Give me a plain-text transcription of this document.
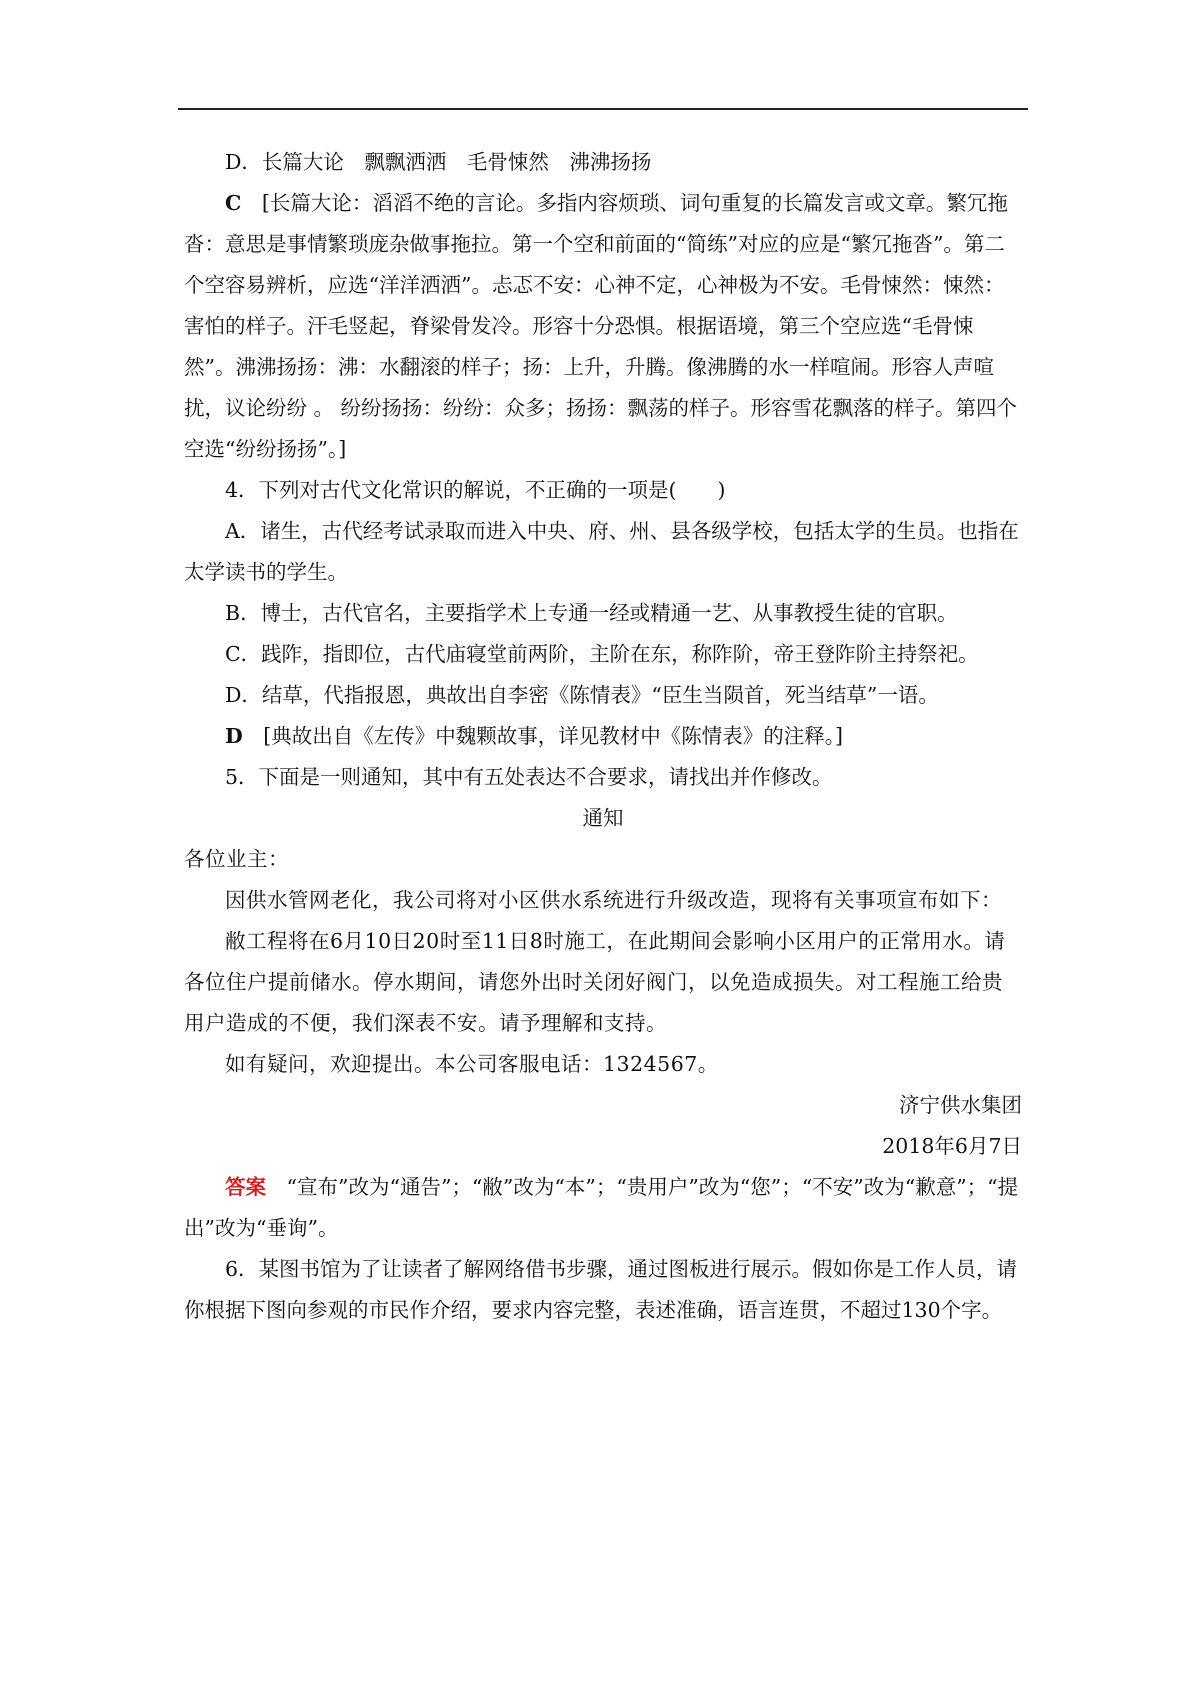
D．长篇大论　飘飘洒洒　毛骨悚然　沸沸扬扬

C　 [长篇大论：滔滔不绝的言论。多指内容烦琐、词句重复的长篇发言或文章。繁冗拖沓：意思是事情繁琐庞杂做事拖拉。第一个空和前面的“简练”对应的应是“繁冗拖沓”。第二个空容易辨析，应选“洋洋洒洒”。忐忑不安：心神不定，心神极为不安。毛骨悚然：悚然：害怕的样子。汗毛竖起，脊梁骨发冷。形容十分恐惧。根据语境，第三个空应选“毛骨悚然”。沸沸扬扬：沸：水翻滚的样子；扬：上升，升腾。像沸腾的水一样喧闹。形容人声喧扰，议论纷纷 。 纷纷扬扬：纷纷：众多；扬扬：飘荡的样子。形容雪花飘落的样子。第四个空选“纷纷扬扬”。]

4．下列对古代文化常识的解说，不正确的一项是(　　)

A．诸生，古代经考试录取而进入中央、府、州、县各级学校，包括太学的生员。也指在太学读书的学生。

B．博士，古代官名，主要指学术上专通一经或精通一艺、从事教授生徒的官职。

C．践阼，指即位，古代庙寝堂前两阶，主阶在东，称阼阶，帝王登阼阶主持祭祀。

D．结草，代指报恩，典故出自李密《陈情表》“臣生当陨首，死当结草”一语。

D　 [典故出自《左传》中魏颗故事，详见教材中《陈情表》的注释。]

5．下面是一则通知，其中有五处表达不合要求，请找出并作修改。

通知

各位业主：

因供水管网老化，我公司将对小区供水系统进行升级改造，现将有关事项宣布如下：

敝工程将在6月10日20时至11日8时施工，在此期间会影响小区用户的正常用水。请各位住户提前储水。停水期间，请您外出时关闭好阀门，以免造成损失。对工程施工给贵用户造成的不便，我们深表不安。请予理解和支持。

如有疑问，欢迎提出。本公司客服电话：1324567。

济宁供水集团

2018年6月7日

答案　“宣布”改为“通告”；“敝”改为“本”；“贵用户”改为“您”；“不安”改为“歉意”；“提出”改为“垂询”。

6．某图书馆为了让读者了解网络借书步骤，通过图板进行展示。假如你是工作人员，请你根据下图向参观的市民作介绍，要求内容完整，表述准确，语言连贯，不超过130个字。
